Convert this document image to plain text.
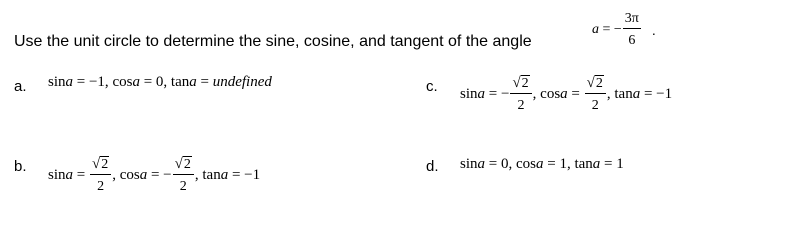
Use the unit circle to determine the sine, cosine, and tangent of the angle
a = − $\frac{3\pi}{6}$ .
a. sin a = −1, cos a = 0, tan a = undefined	c. sin a = − $\frac{√ 2}{2}$ , $\cos a = \frac{√ 2}{2}$ , tan a = −1
b. $\sin a = \frac{√ 2}{2}$ , cos a = − $\frac{√ 2}{2}$ , tan a = −1	d. sin a = 0, cos a = 1, tan a = 1
